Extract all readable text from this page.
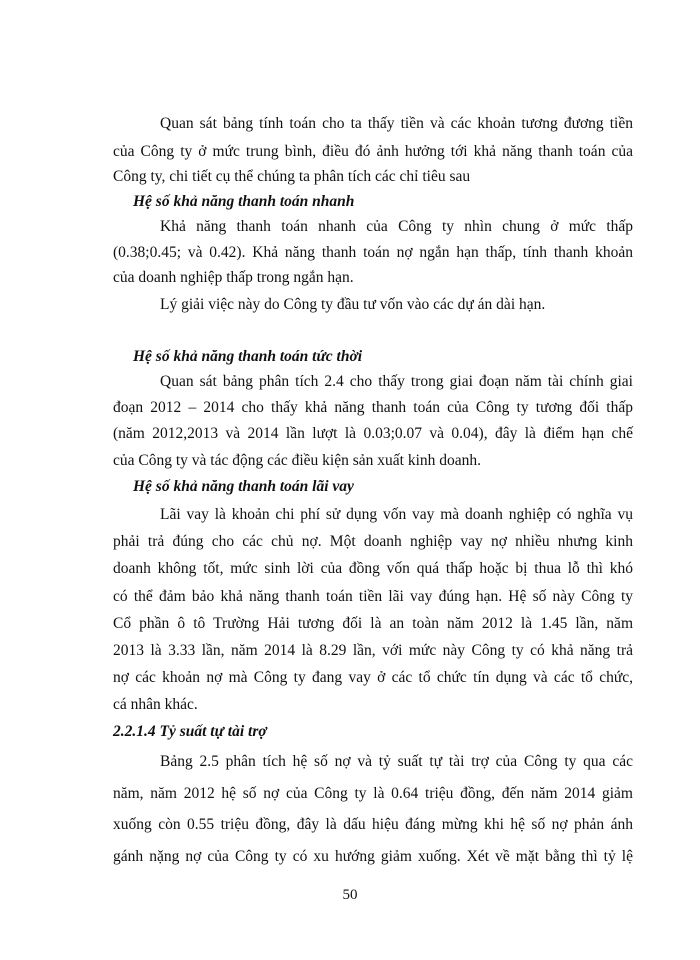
Quan sát bảng tính toán cho ta thấy tiền và các khoản tương đương tiền
của Công ty ở mức trung bình, điều đó ảnh hưởng tới khả năng thanh toán của
Công ty, chi tiết cụ thể chúng ta phân tích các chỉ tiêu sau
Hệ số khả năng thanh toán nhanh
Khả năng thanh toán nhanh của Công ty nhìn chung ở mức thấp
(0.38;0.45; và 0.42). Khả năng thanh toán nợ ngắn hạn thấp, tính thanh khoản
của doanh nghiệp thấp trong ngắn hạn.
Lý giải việc này do Công ty đầu tư vốn vào các dự án dài hạn.
Hệ số khả năng thanh toán tức thời
Quan sát bảng phân tích 2.4 cho thấy trong giai đoạn năm tài chính giai
đoạn 2012 – 2014 cho thấy khả năng thanh toán của Công ty tương đối thấp
(năm 2012,2013 và 2014 lần lượt là 0.03;0.07 và 0.04), đây là điểm hạn chế
của Công ty và tác động các điều kiện sản xuất kinh doanh.
Hệ số khả năng thanh toán lãi vay
Lãi vay là khoản chi phí sử dụng vốn vay mà doanh nghiệp có nghĩa vụ
phải trả đúng cho các chủ nợ. Một doanh nghiệp vay nợ nhiều nhưng kinh
doanh không tốt, mức sinh lời của đồng vốn quá thấp hoặc bị thua lỗ thì khó
có thể đảm bảo khả năng thanh toán tiền lãi vay đúng hạn. Hệ số này Công ty
Cổ phần ô tô Trường Hải tương đối là an toàn năm 2012 là 1.45 lần, năm
2013 là 3.33 lần, năm 2014 là 8.29 lần, với mức này Công ty có khả năng trả
nợ các khoản nợ mà Công ty đang vay ở các tổ chức tín dụng và các tổ chức,
cá nhân khác.
2.2.1.4 Tỷ suất tự tài trợ
Bảng 2.5 phân tích hệ số nợ và tỷ suất tự tài trợ của Công ty qua các
năm, năm 2012 hệ số nợ của Công ty là 0.64 triệu đồng, đến năm 2014 giảm
xuống còn 0.55 triệu đồng, đây là dấu hiệu đáng mừng khi hệ số nợ phản ánh
gánh nặng nợ của Công ty có xu hướng giảm xuống. Xét về mặt bằng thì tỷ lệ
50
